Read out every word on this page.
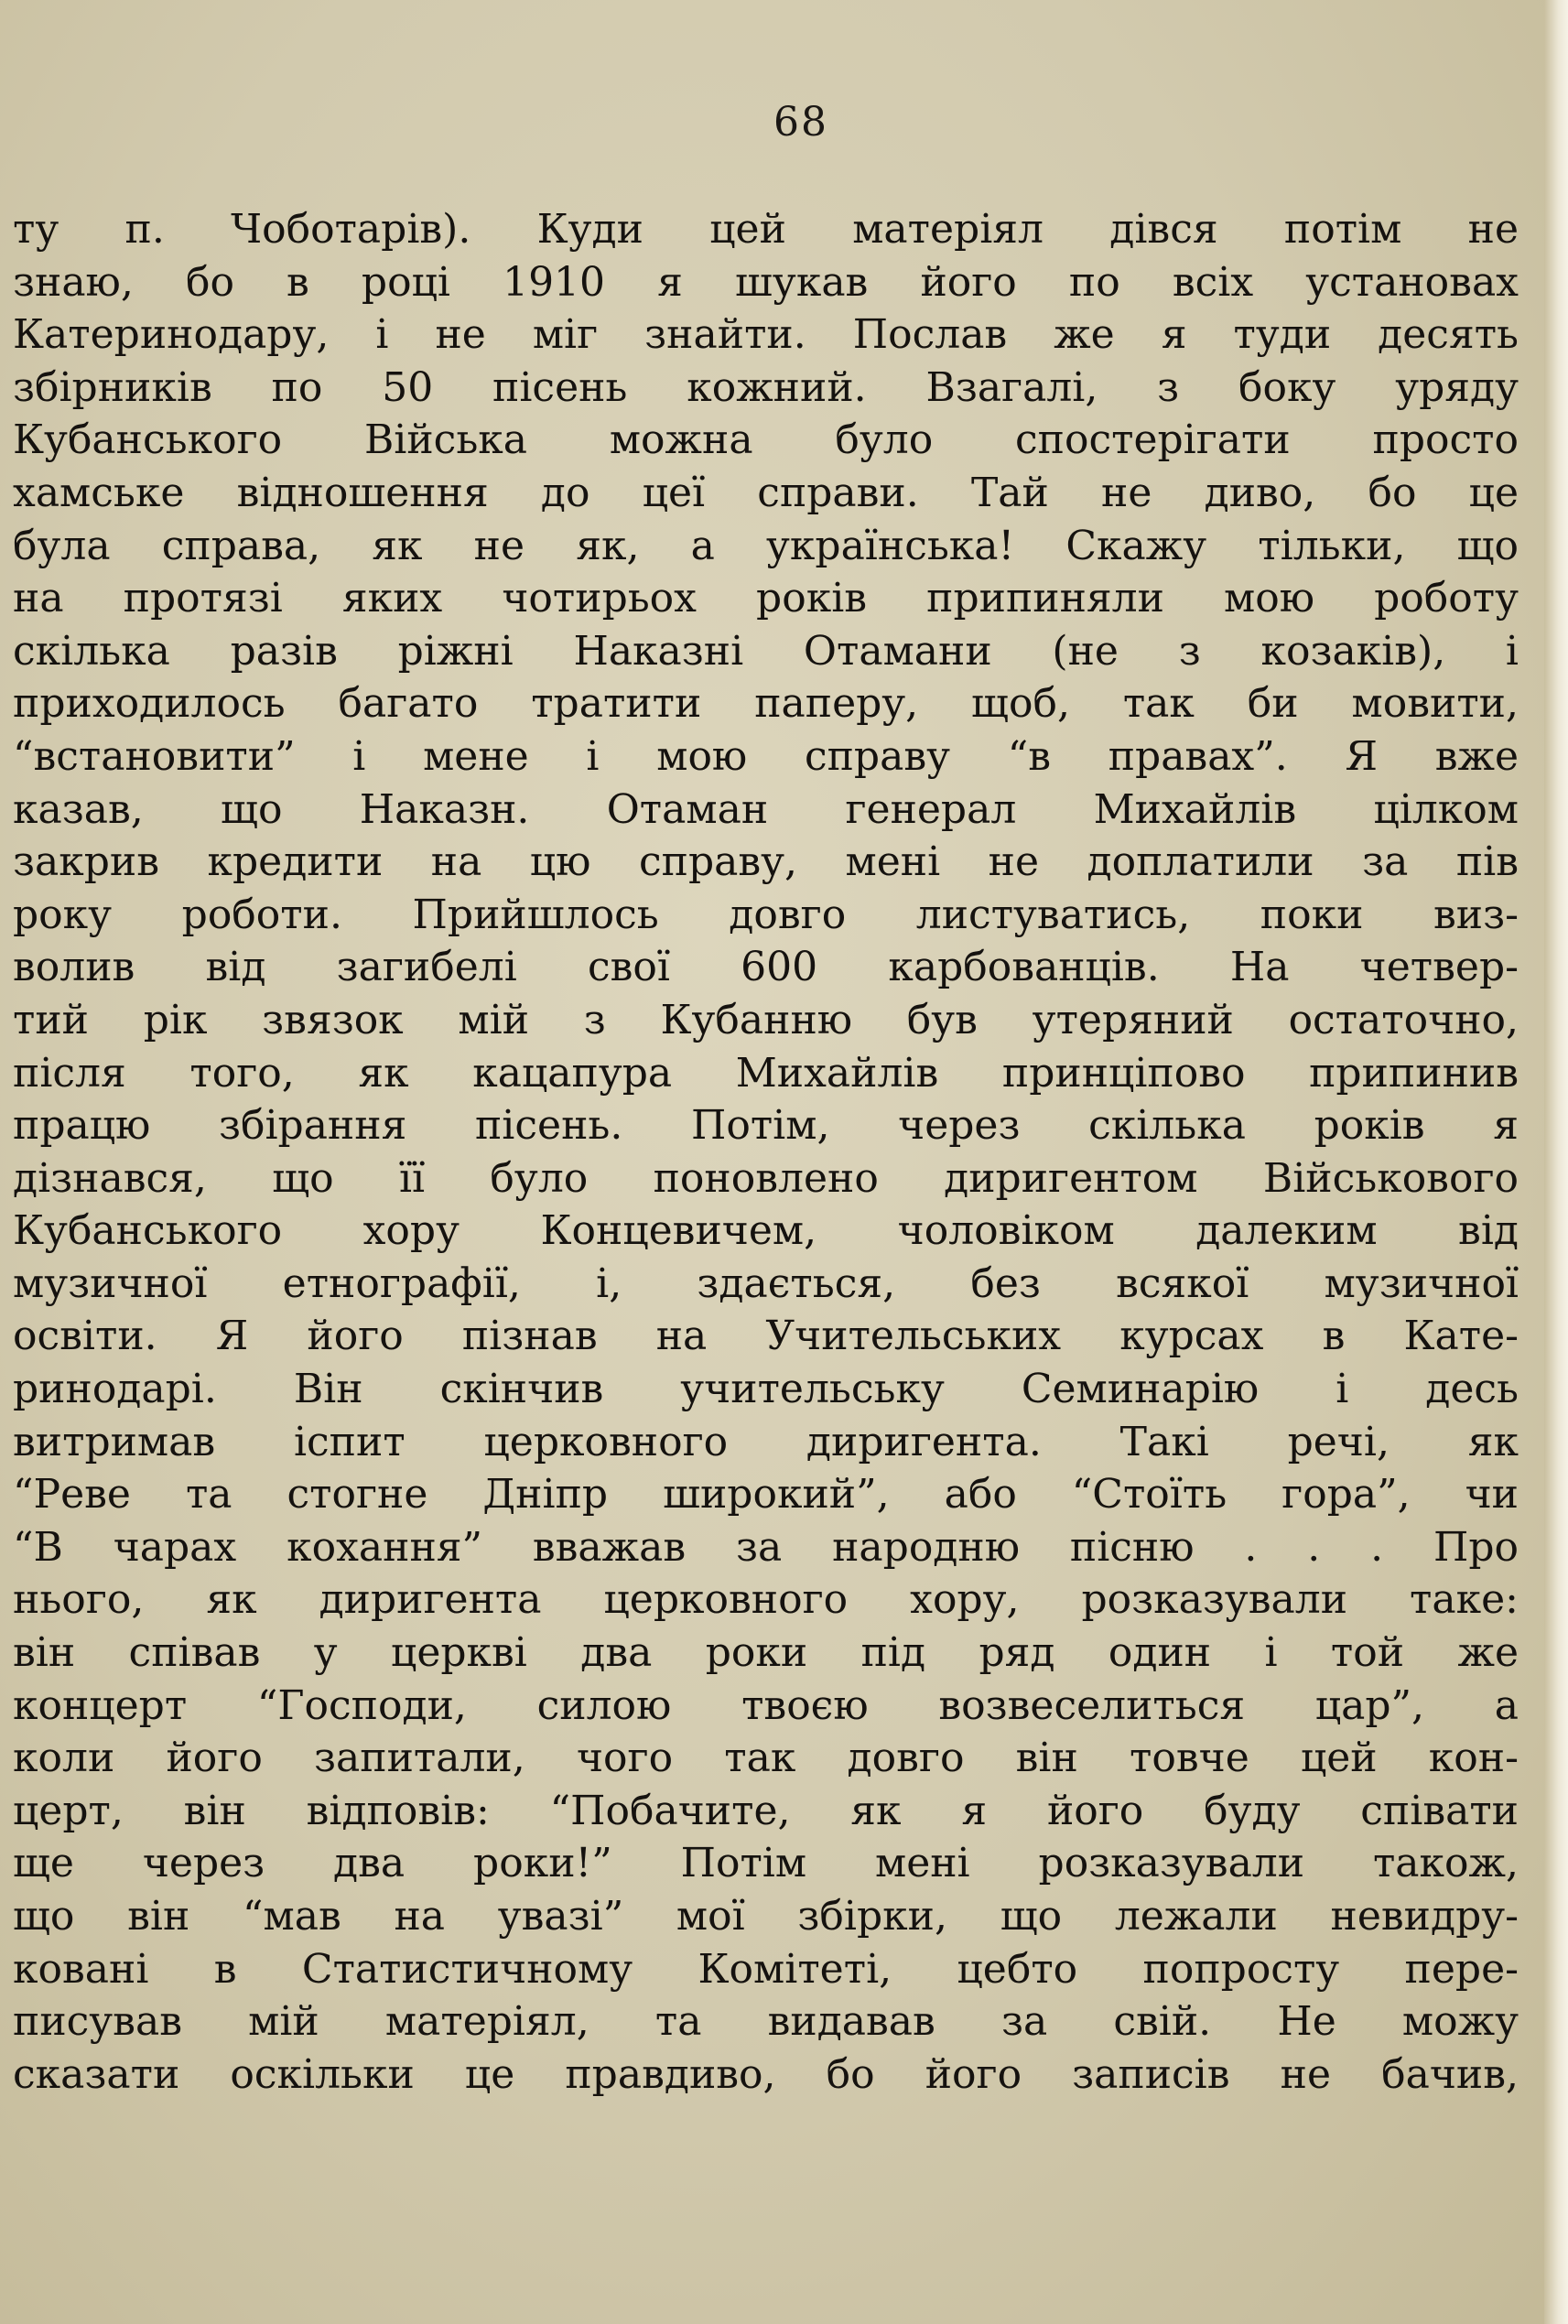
68
ту п. Чоботарів). Куди цей матеріял дівся потім не
знаю, бо в році 1910 я шукав його по всіх установах
Катеринодару, і не міг знайти. Послав же я туди десять
збірників по 50 пісень кожний. Взагалі, з боку уряду
Кубанського Війська можна було спостерігати просто
хамське відношення до цеї справи. Тай не диво, бо це
була справа, як не як, а українська! Скажу тільки, що
на протязі яких чотирьох років припиняли мою роботу
скілька разів ріжні Наказні Отамани (не з козаків), і
приходилось багато тратити паперу, щоб, так би мовити,
“встановити” і мене і мою справу “в правах”. Я вже
казав, що Наказн. Отаман генерал Михайлів цілком
закрив кредити на цю справу, мені не доплатили за пів
року роботи. Прийшлось довго листуватись, поки виз-
волив від загибелі свої 600 карбованців. На четвер-
тий рік звязок мій з Кубанню був утеряний остаточно,
після того, як кацапура Михайлів принціпово припинив
працю збірання пісень. Потім, через скілька років я
дізнався, що її було поновлено диригентом Військового
Кубанського хору Концевичем, чоловіком далеким від
музичної етнографії, і, здається, без всякої музичної
освіти. Я його пізнав на Учительських курсах в Кате-
ринодарі. Він скінчив учительську Семинарію і десь
витримав іспит церковного диригента. Такі речі, як
“Реве та стогне Дніпр широкий”, або “Стоїть гора”, чи
“В чарах кохання” вважав за народню пісню . . . Про
нього, як диригента церковного хору, розказували таке:
він співав у церкві два роки під ряд один і той же
концерт “Господи, силою твоєю возвеселиться цар”, а
коли його запитали, чого так довго він товче цей кон-
церт, він відповів: “Побачите, як я його буду співати
ще через два роки!” Потім мені розказували також,
що він “мав на увазі” мої збірки, що лежали невидру-
ковані в Статистичному Комітеті, цебто попросту пере-
писував мій матеріял, та видавав за свій. Не можу
сказати оскільки це правдиво, бо його записів не бачив,
